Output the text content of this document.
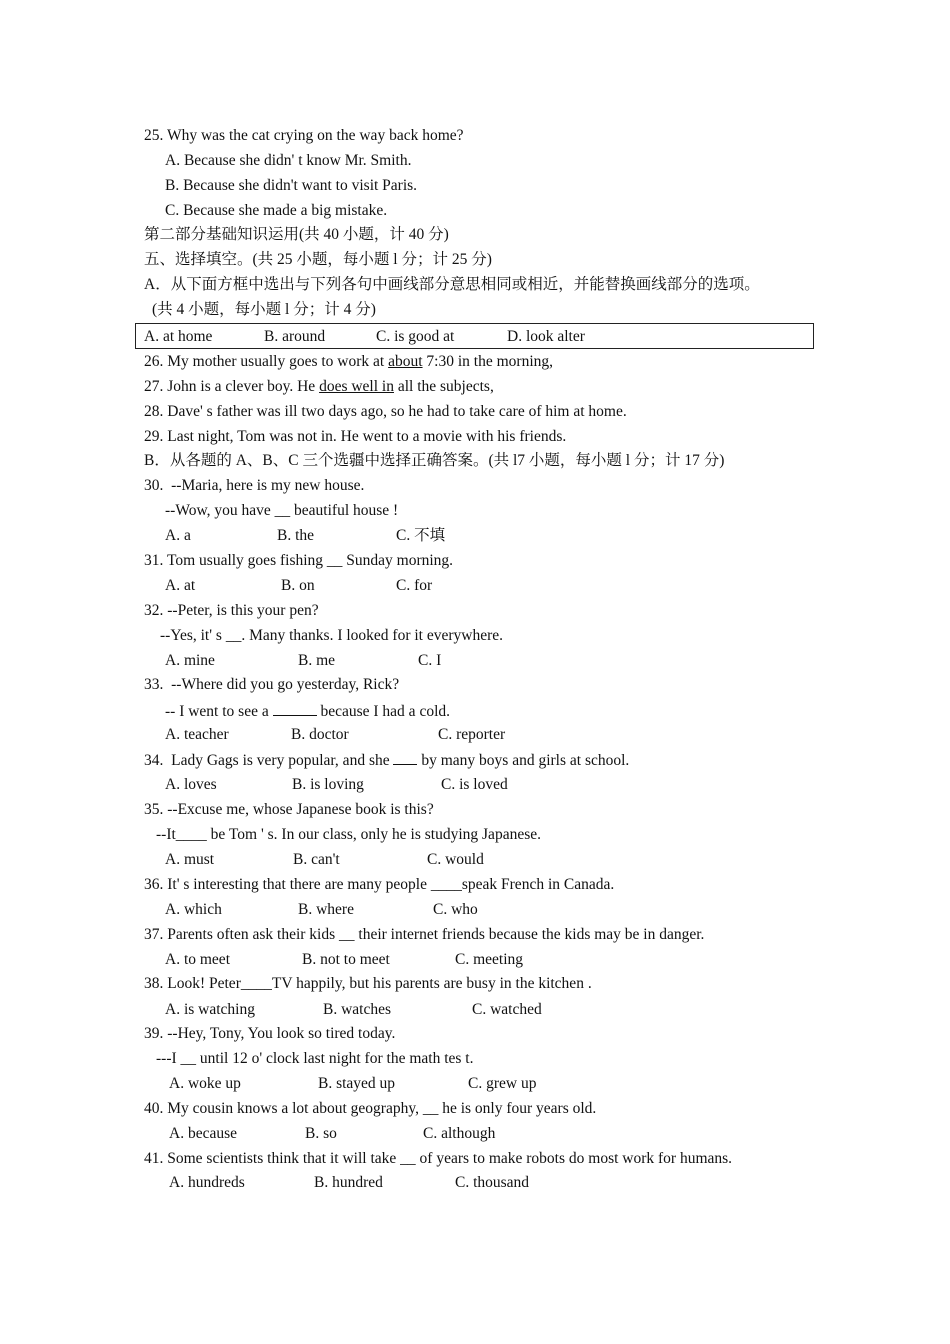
25. Why was the cat crying on the way back home?
A. Because she didn' t know Mr. Smith.
B. Because she didn't want to visit Paris.
C. Because she made a big mistake.
第二部分基础知识运用(共 40 小题，计 40 分)
五、选择填空。(共 25 小题，每小题 l 分；计 25 分)
A．从下面方框中选出与下列各句中画线部分意思相同或相近，并能替换画线部分的选项。
(共 4 小题，每小题 l 分；计 4 分)
A. at home	B. around	C. is good at	D. look alter
26. My mother usually goes to work at about 7:30 in the morning,
27. John is a clever boy. He does well in all the subjects,
28. Dave' s father was ill two days ago, so he had to take care of him at home.
29. Last night, Tom was not in. He went to a movie with his friends.
B．从各题的 A、B、C 三个选疆中选择正确答案。(共 l7 小题，每小题 l 分；计 17 分)
30.  --Maria, here is my new house.
--Wow, you have __ beautiful house !
A. a	B. the	C. 不填
31. Tom usually goes fishing __ Sunday morning.
A. at	B. on	C. for
32. --Peter, is this your pen?
--Yes, it' s __. Many thanks. I looked for it everywhere.
A. mine	B. me	C. I
33.  --Where did you go yesterday, Rick?
-- I went to see a	because I had a cold.
A. teacher	B. doctor	C. reporter
34.  Lady Gags is very popular, and she  by many boys and girls at school.
A. loves	B. is loving	C. is loved
35. --Excuse me, whose Japanese book is this?
--It____ be Tom ' s. In our class, only he is studying Japanese.
A. must	B. can't	C. would
36. It' s interesting that there are many people ____speak French in Canada.
A. which	B. where	C. who
37. Parents often ask their kids __ their internet friends because the kids may be in danger.
A. to meet	B. not to meet	C. meeting
38. Look! Peter____TV happily, but his parents are busy in the kitchen .
A. is watching	B. watches	C. watched
39. --Hey, Tony, You look so tired today.
---I __ until 12 o' clock last night for the math tes t.
A. woke up	B. stayed up	C. grew up
40. My cousin knows a lot about geography, __ he is only four years old.
A. because	B. so	C. although
41. Some scientists think that it will take __ of years to make robots do most work for humans.
A. hundreds	B. hundred	C. thousand
